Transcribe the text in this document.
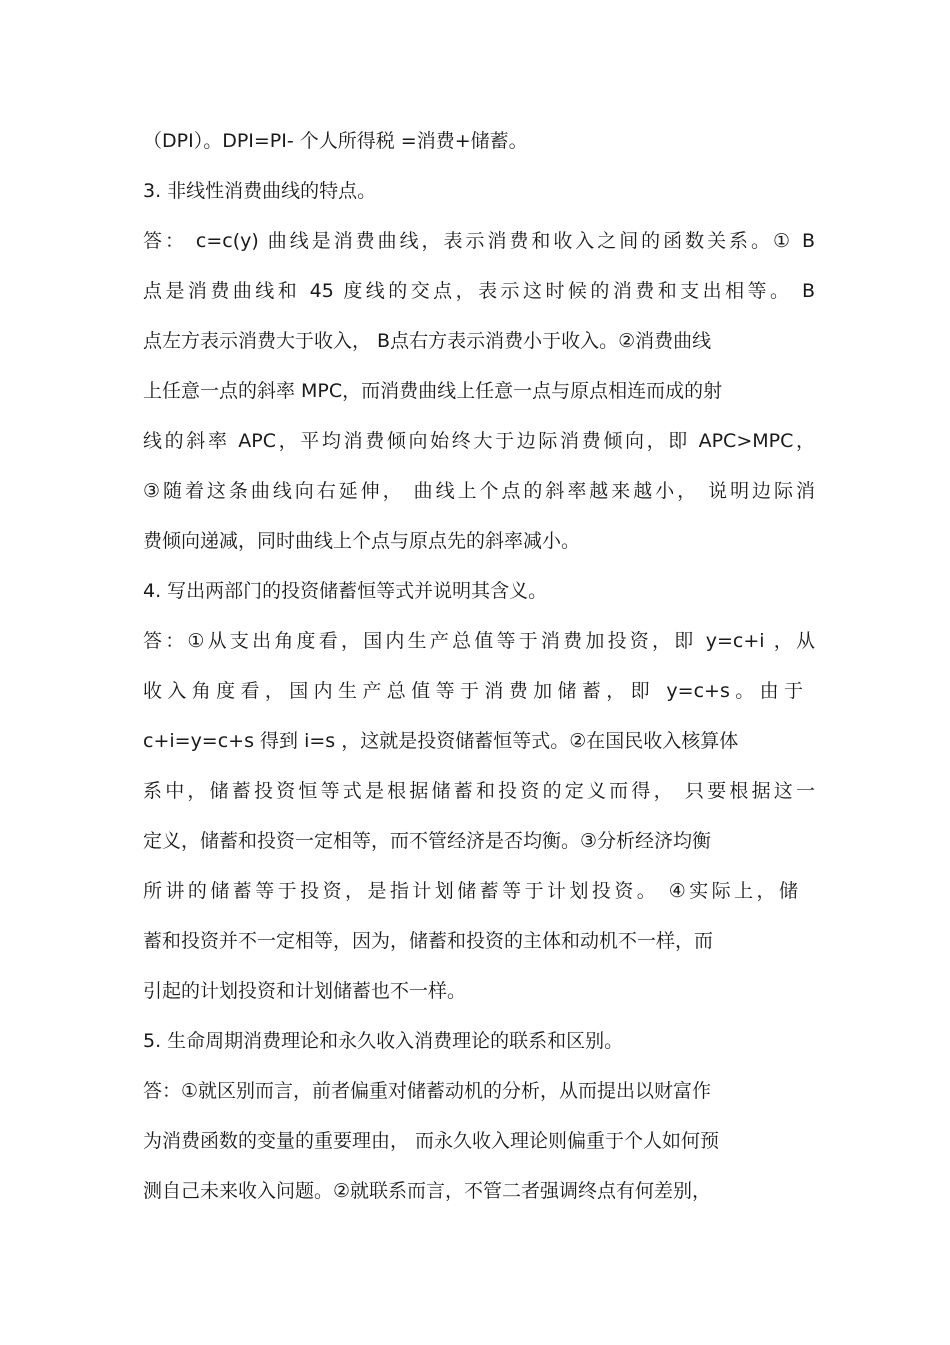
（DPI）。DPI=PI- 个人所得税 =消费+储蓄。
3. 非线性消费曲线的特点。
答： c=c(y) 曲线是消费曲线，表示消费和收入之间的函数关系。① B
点是消费曲线和 45 度线的交点，表示这时候的消费和支出相等。 B
点左方表示消费大于收入， B点右方表示消费小于收入。②消费曲线
上任意一点的斜率 MPC，而消费曲线上任意一点与原点相连而成的射
线的斜率 APC，平均消费倾向始终大于边际消费倾向，即 APC>MPC，
③随着这条曲线向右延伸， 曲线上个点的斜率越来越小， 说明边际消
费倾向递减，同时曲线上个点与原点先的斜率减小。
4. 写出两部门的投资储蓄恒等式并说明其含义。
答：①从支出角度看，国内生产总值等于消费加投资，即 y=c+i ，从
收入角度看，国内生产总值等于消费加储蓄，即 y=c+s。由于
c+i=y=c+s 得到 i=s ，这就是投资储蓄恒等式。②在国民收入核算体
系中，储蓄投资恒等式是根据储蓄和投资的定义而得， 只要根据这一
定义，储蓄和投资一定相等，而不管经济是否均衡。③分析经济均衡
所讲的储蓄等于投资，是指计划储蓄等于计划投资。 ④实际上，储
蓄和投资并不一定相等，因为，储蓄和投资的主体和动机不一样，而
引起的计划投资和计划储蓄也不一样。
5. 生命周期消费理论和永久收入消费理论的联系和区别。
答：①就区别而言，前者偏重对储蓄动机的分析，从而提出以财富作
为消费函数的变量的重要理由， 而永久收入理论则偏重于个人如何预
测自己未来收入问题。②就联系而言，不管二者强调终点有何差别，
